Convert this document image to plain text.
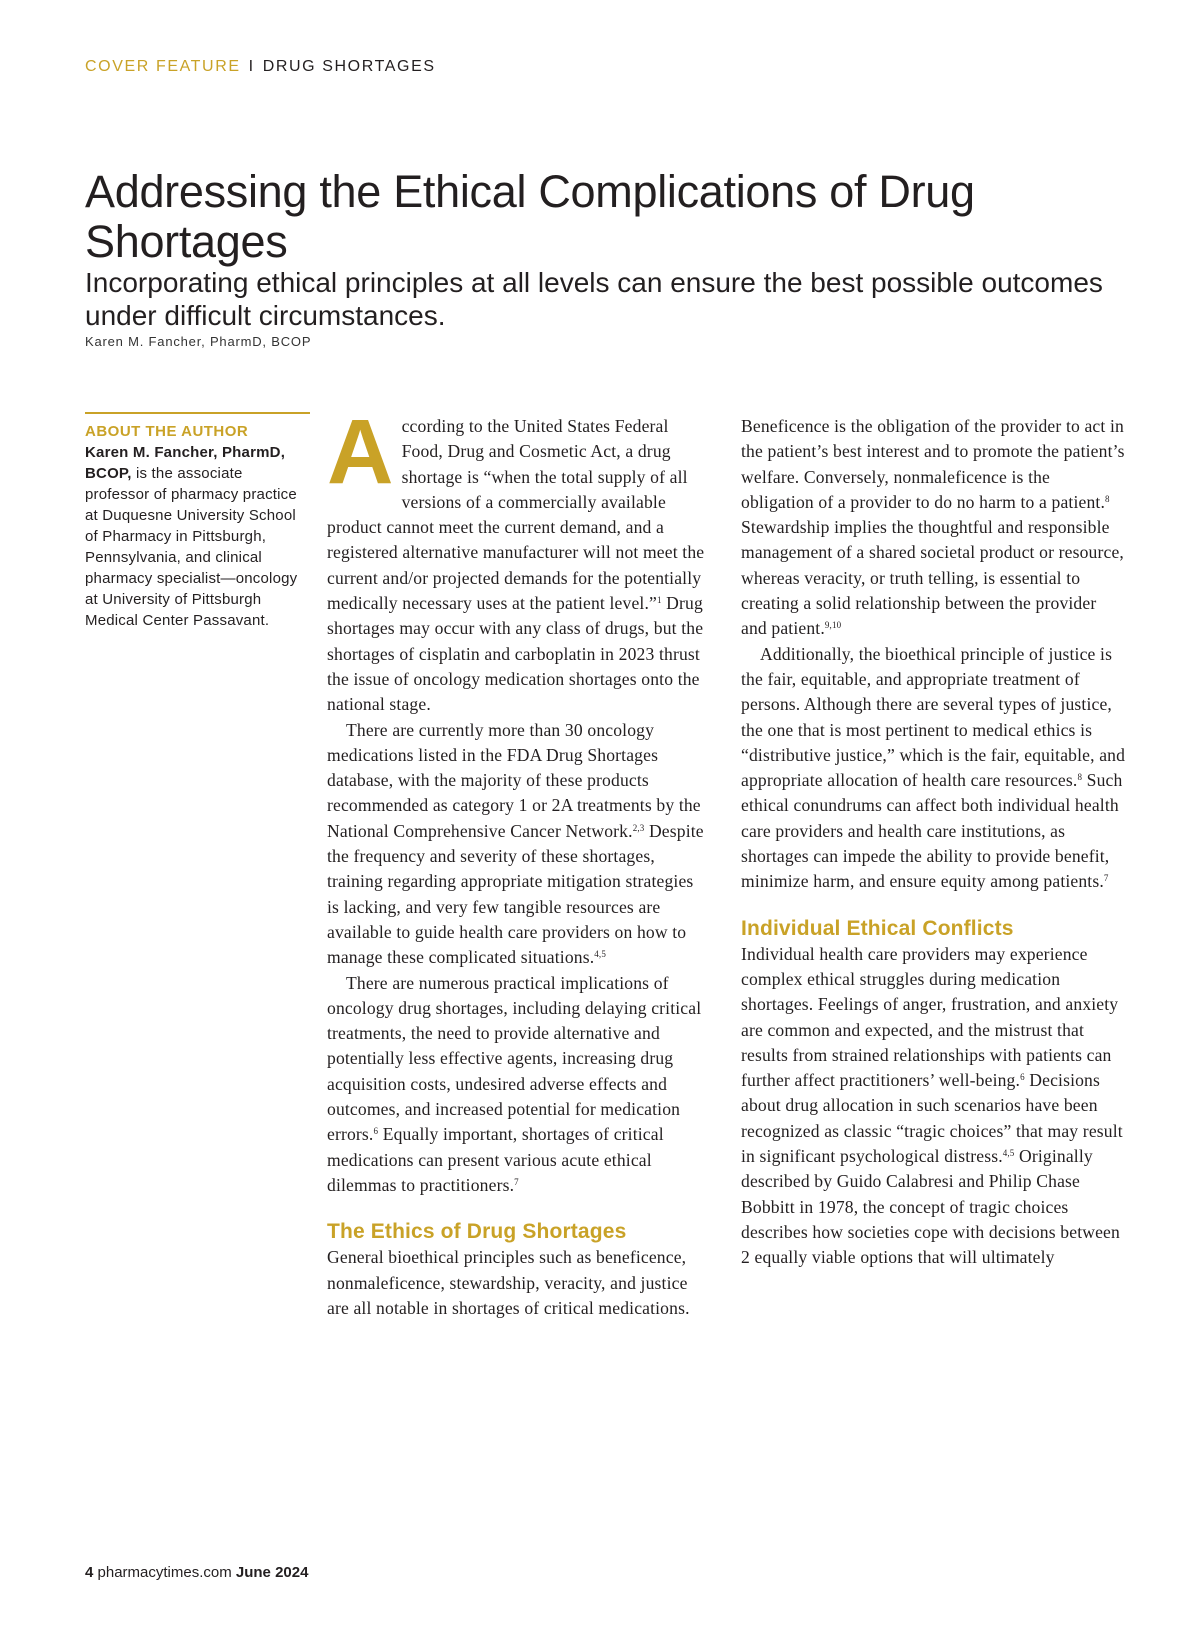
COVER FEATURE I DRUG SHORTAGES
Addressing the Ethical Complications of Drug Shortages
Incorporating ethical principles at all levels can ensure the best possible outcomes under difficult circumstances.
Karen M. Fancher, PharmD, BCOP
ABOUT THE AUTHOR

Karen M. Fancher, PharmD, BCOP, is the associate professor of pharmacy practice at Duquesne University School of Pharmacy in Pittsburgh, Pennsylvania, and clinical pharmacy specialist—oncology at University of Pittsburgh Medical Center Passavant.

According to the United States Federal Food, Drug and Cosmetic Act, a drug shortage is “when the total supply of all versions of a commercially available product cannot meet the current demand, and a registered alternative manufacturer will not meet the current and/or projected demands for the potentially medically necessary uses at the patient level.”$^1$ Drug shortages may occur with any class of drugs, but the shortages of cisplatin and carboplatin in 2023 thrust the issue of oncology medication shortages onto the national stage.

There are currently more than 30 oncology medications listed in the FDA Drug Shortages database, with the majority of these products recommended as category 1 or 2A treatments by the National Comprehensive Cancer Network.$^{2,3}$ Despite the frequency and severity of these shortages, training regarding appropriate mitigation strategies is lacking, and very few tangible resources are available to guide health care providers on how to manage these complicated situations.$^{4,5}$

There are numerous practical implications of oncology drug shortages, including delaying critical treatments, the need to provide alternative and potentially less effective agents, increasing drug acquisition costs, undesired adverse effects and outcomes, and increased potential for medication errors.$^6$ Equally important, shortages of critical medications can present various acute ethical dilemmas to practitioners.$^7$

The Ethics of Drug Shortages

General bioethical principles such as beneficence, nonmaleficence, stewardship, veracity, and justice are all notable in shortages of critical medications.

Beneficence is the obligation of the provider to act in the patient’s best interest and to promote the patient’s welfare. Conversely, nonmaleficence is the obligation of a provider to do no harm to a patient.$^8$ Stewardship implies the thoughtful and responsible management of a shared societal product or resource, whereas veracity, or truth telling, is essential to creating a solid relationship between the provider and patient.$^{9,10}$

Additionally, the bioethical principle of justice is the fair, equitable, and appropriate treatment of persons. Although there are several types of justice, the one that is most pertinent to medical ethics is “distributive justice,” which is the fair, equitable, and appropriate allocation of health care resources.$^8$ Such ethical conundrums can affect both individual health care providers and health care institutions, as shortages can impede the ability to provide benefit, minimize harm, and ensure equity among patients.$^7$

Individual Ethical Conflicts

Individual health care providers may experience complex ethical struggles during medication shortages. Feelings of anger, frustration, and anxiety are common and expected, and the mistrust that results from strained relationships with patients can further affect practitioners’ well-being.$^6$ Decisions about drug allocation in such scenarios have been recognized as classic “tragic choices” that may result in significant psychological distress.$^{4,5}$ Originally described by Guido Calabresi and Philip Chase Bobbitt in 1978, the concept of tragic choices describes how societies cope with decisions between 2 equally viable options that will ultimately

4 pharmacytimes.com June 2024
